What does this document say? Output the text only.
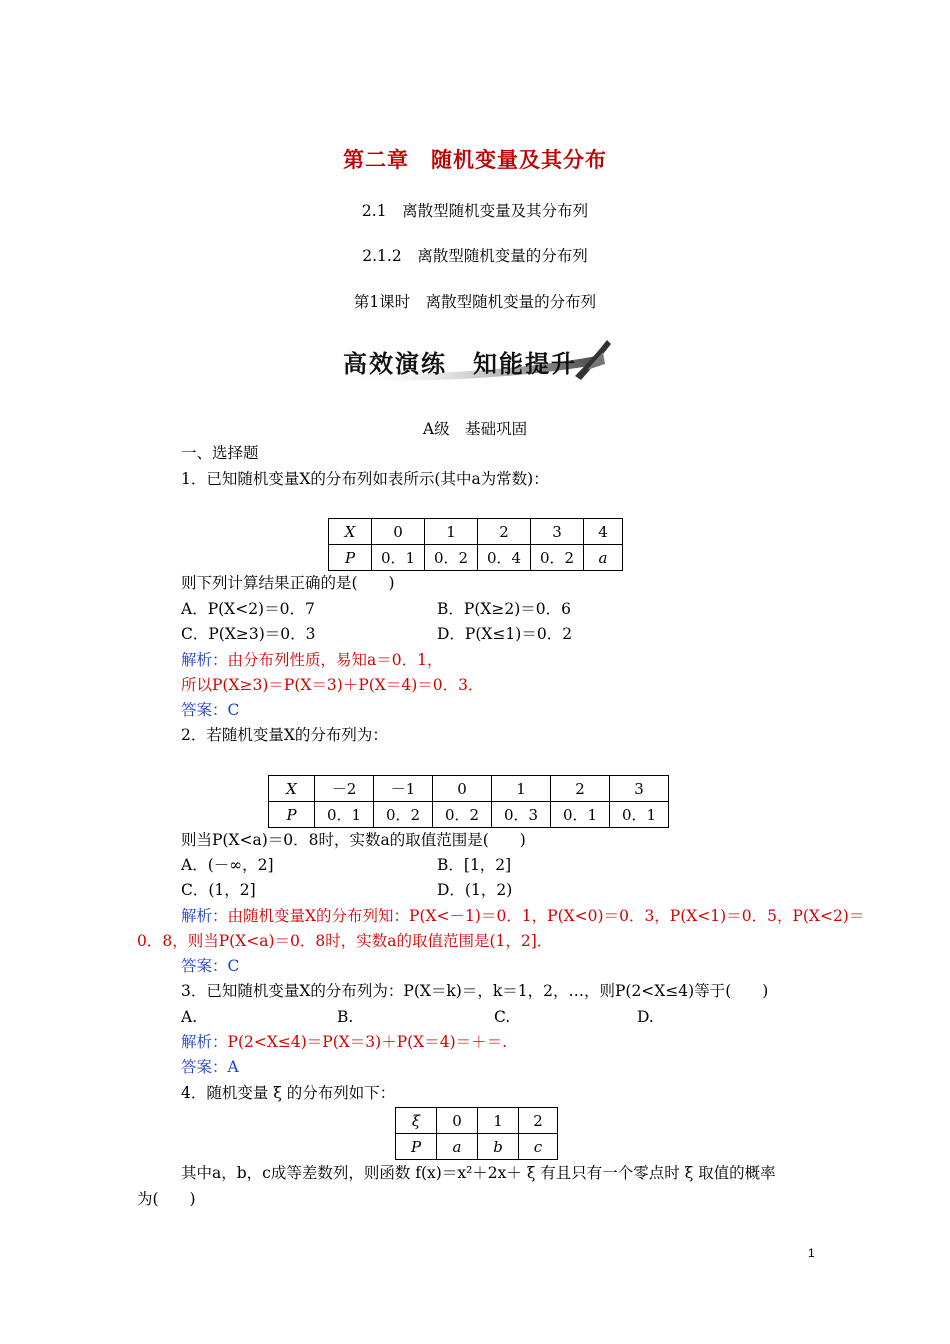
第二章　随机变量及其分布
2.1　离散型随机变量及其分布列
2.1.2　离散型随机变量的分布列
第1课时　离散型随机变量的分布列
高效演练　知能提升
A级　基础巩固
一、选择题
1．已知随机变量X的分布列如表所示(其中a为常数)：
X	0	1	2	3	4
P	0．1	0．2	0．4	0．2	a
则下列计算结果正确的是(　　)
A．P(X<2)＝0．7	B．P(X≥2)＝0．6
C．P(X≥3)＝0．3	D．P(X≤1)＝0．2
解析：由分布列性质，易知a＝0．1，
所以P(X≥3)＝P(X＝3)＋P(X＝4)＝0．3．
答案：C
2．若随机变量X的分布列为：
X	－2	－1	0	1	2	3
P	0．1	0．2	0．2	0．3	0．1	0．1
则当P(X<a)＝0．8时，实数a的取值范围是(　　)
A．(－∞，2]	B．[1，2]
C．(1，2]	D．(1，2)
解析：由随机变量X的分布列知：P(X<－1)＝0．1，P(X<0)＝0．3，P(X<1)＝0．5，P(X<2)＝
0．8，则当P(X<a)＝0．8时，实数a的取值范围是(1，2]．
答案：C
3．已知随机变量X的分布列为：P(X＝k)＝，k＝1，2，…，则P(2<X≤4)等于(　　)
A.	B.	C.	D.
解析：P(2<X≤4)＝P(X＝3)＋P(X＝4)＝＋＝.
答案：A
4．随机变量 ξ 的分布列如下：
ξ	0	1	2
P	a	b	c
其中a，b，c成等差数列，则函数 f(x)＝x²＋2x＋ ξ 有且只有一个零点时 ξ 取值的概率
为(　　)
1
